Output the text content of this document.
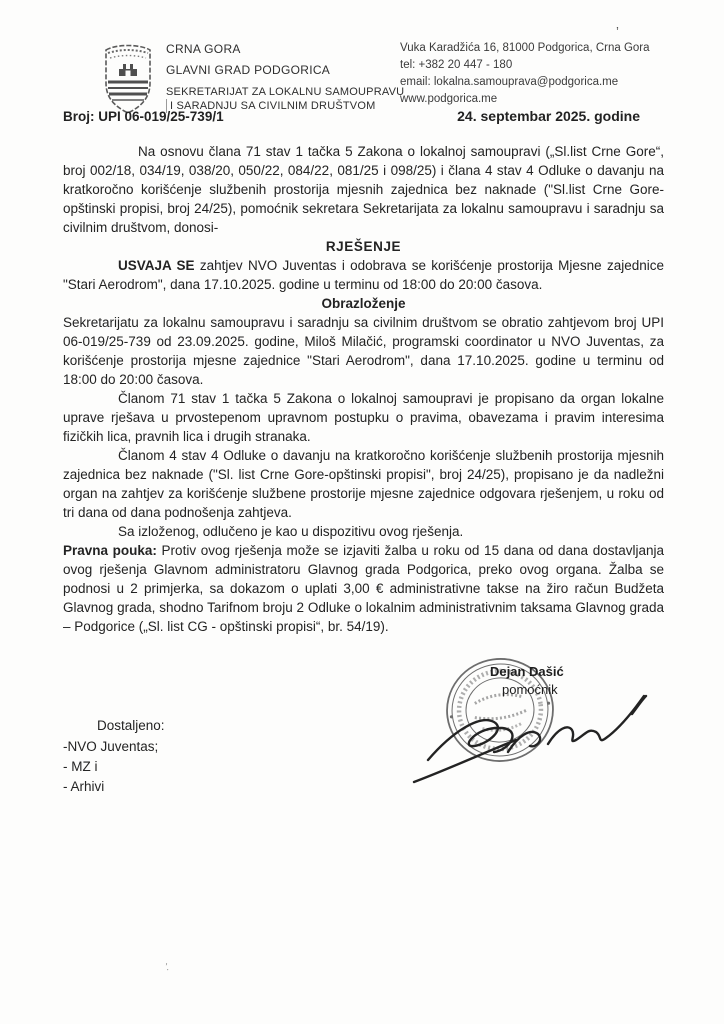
CRNA GORA
GLAVNI GRAD PODGORICA
SEKRETARIJAT ZA LOKALNU SAMOUPRAVU
I SARADNJU SA CIVILNIM DRUŠTVOM
Vuka Karadžića 16, 81000 Podgorica, Crna Gora
tel: +382 20 447 - 180
email: lokalna.samouprava@podgorica.me
www.podgorica.me
’
Broj: UPI 06-019/25-739/1	24. septembar 2025. godine

Na osnovu člana 71 stav 1 tačka 5 Zakona o lokalnoj samoupravi („Sl.list Crne Gore“, broj 002/18, 034/19, 038/20, 050/22, 084/22, 081/25 i 098/25) i člana 4 stav 4 Odluke o davanju na kratkoročno korišćenje službenih prostorija mjesnih zajednica bez naknade ("Sl.list Crne Gore-opštinski propisi, broj 24/25), pomoćnik sekretara Sekretarijata za lokalnu samoupravu i saradnju sa civilnim društvom, donosi-

RJEŠENJE

USVAJA SE zahtjev NVO Juventas i odobrava se korišćenje prostorija Mjesne zajednice "Stari Aerodrom", dana 17.10.2025. godine u terminu od 18:00 do 20:00 časova.

Obrazloženje

Sekretarijatu za lokalnu samoupravu i saradnju sa civilnim društvom se obratio zahtjevom broj UPI 06-019/25-739 od 23.09.2025. godine, Miloš Milačić, programski coordinator u NVO Juventas, za korišćenje prostorija mjesne zajednice "Stari Aerodrom", dana 17.10.2025. godine u terminu od 18:00 do 20:00 časova.

Članom 71 stav 1 tačka 5 Zakona o lokalnoj samoupravi je propisano da organ lokalne uprave rješava u prvostepenom upravnom postupku o pravima, obavezama i pravim interesima fizičkih lica, pravnih lica i drugih stranaka.

Članom 4 stav 4 Odluke o davanju na kratkoročno korišćenje službenih prostorija mjesnih zajednica bez naknade ("Sl. list Crne Gore-opštinski propisi", broj 24/25), propisano je da nadležni organ na zahtjev za korišćenje službene prostorije mjesne zajednice odgovara rješenjem, u roku od tri dana od dana podnošenja zahtjeva.

Sa izloženog, odlučeno je kao u dispozitivu ovog rješenja.

Pravna pouka: Protiv ovog rješenja može se izjaviti žalba u roku od 15 dana od dana dostavljanja ovog rješenja Glavnom administratoru Glavnog grada Podgorica, preko ovog organa. Žalba se podnosi u 2 primjerka, sa dokazom o uplati 3,00 € administrativne takse na žiro račun Budžeta Glavnog grada, shodno Tarifnom broju 2 Odluke o lokalnim administrativnim taksama Glavnog grada – Podgorice („Sl. list CG - opštinski propisi“, br. 54/19).

Dejan Dašić
pomoćnik
Dostaljeno:
-NVO Juventas;
- MZ i
- Arhivi
ʼ.
